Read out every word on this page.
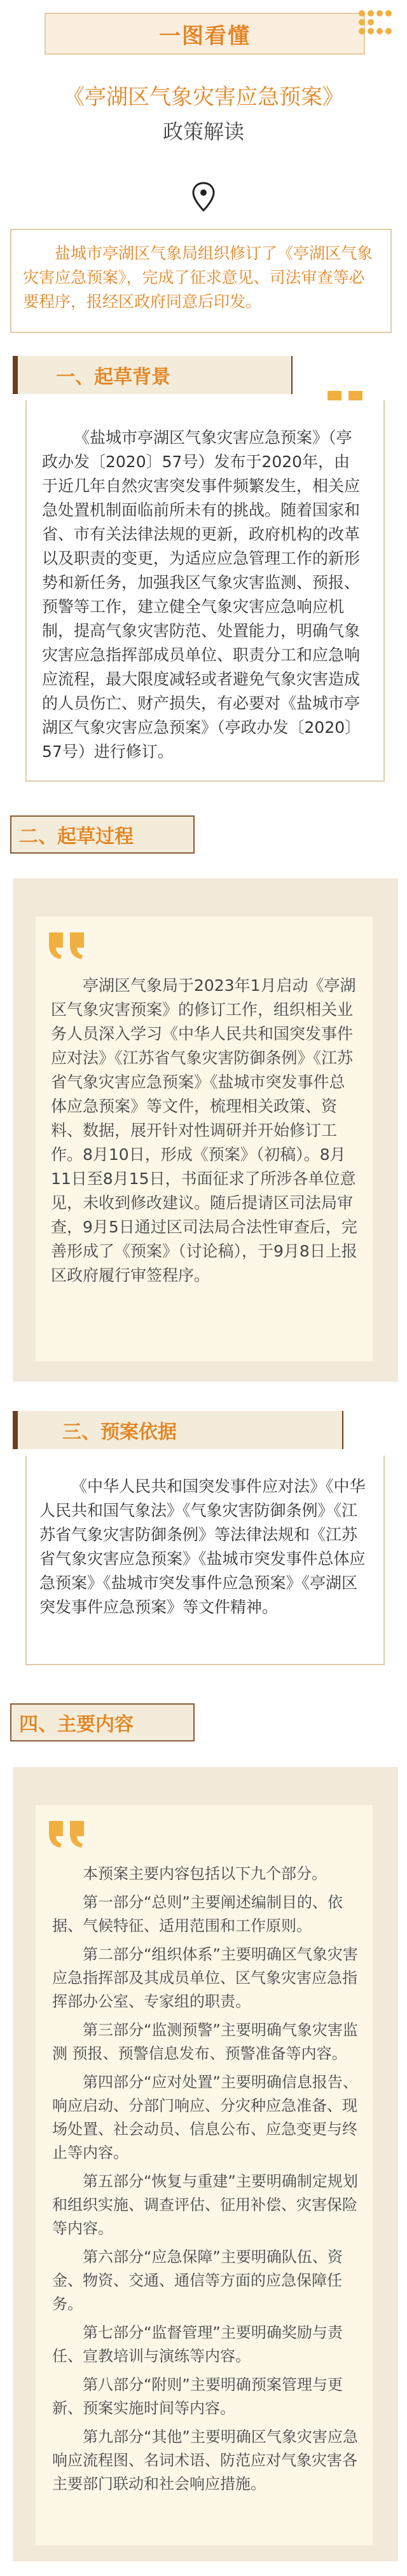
一图看懂
《亭湖区气象灾害应急预案》
政策解读

盐城市亭湖区气象局组织修订了《亭湖区气象灾害应急预案》，完成了征求意见、司法审查等必要程序，报经区政府同意后印发。

一、起草背景

《盐城市亭湖区气象灾害应急预案》（亭政办发〔2020〕57号）发布于2020年，由于近几年自然灾害突发事件频繁发生，相关应急处置机制面临前所未有的挑战。随着国家和省、市有关法律法规的更新，政府机构的改革以及职责的变更，为适应应急管理工作的新形势和新任务，加强我区气象灾害监测、预报、预警等工作，建立健全气象灾害应急响应机制，提高气象灾害防范、处置能力，明确气象灾害应急指挥部成员单位、职责分工和应急响应流程，最大限度减轻或者避免气象灾害造成的人员伤亡、财产损失，有必要对《盐城市亭湖区气象灾害应急预案》（亭政办发〔2020〕57号）进行修订。

二、起草过程

亭湖区气象局于2023年1月启动《亭湖区气象灾害预案》的修订工作，组织相关业务人员深入学习《中华人民共和国突发事件应对法》《江苏省气象灾害防御条例》《江苏省气象灾害应急预案》《盐城市突发事件总体应急预案》等文件，梳理相关政策、资料、数据，展开针对性调研并开始修订工作。8月10日，形成《预案》（初稿）。8月11日至8月15日，书面征求了所涉各单位意见，未收到修改建议。随后提请区司法局审查，9月5日通过区司法局合法性审查后，完善形成了《预案》（讨论稿），于9月8日上报区政府履行审签程序。

三、预案依据

《中华人民共和国突发事件应对法》《中华人民共和国气象法》《气象灾害防御条例》《江苏省气象灾害防御条例》等法律法规和《江苏省气象灾害应急预案》《盐城市突发事件总体应急预案》《盐城市突发事件应急预案》《亭湖区突发事件应急预案》等文件精神。

四、主要内容

本预案主要内容包括以下九个部分。

第一部分“总则”主要阐述编制目的、依据、气候特征、适用范围和工作原则。

第二部分“组织体系”主要明确区气象灾害应急指挥部及其成员单位、区气象灾害应急指挥部办公室、专家组的职责。

第三部分“监测预警”主要明确气象灾害监测 预报、预警信息发布、预警准备等内容。

第四部分“应对处置”主要明确信息报告、响应启动、分部门响应、分灾种应急准备、现场处置、社会动员、信息公布、应急变更与终止等内容。

第五部分“恢复与重建”主要明确制定规划和组织实施、调查评估、征用补偿、灾害保险等内容。

第六部分“应急保障”主要明确队伍、资金、物资、交通、通信等方面的应急保障任务。

第七部分“监督管理”主要明确奖励与责任、宣教培训与演练等内容。

第八部分“附则”主要明确预案管理与更新、预案实施时间等内容。

第九部分“其他”主要明确区气象灾害应急响应流程图、名词术语、防范应对气象灾害各主要部门联动和社会响应措施。
